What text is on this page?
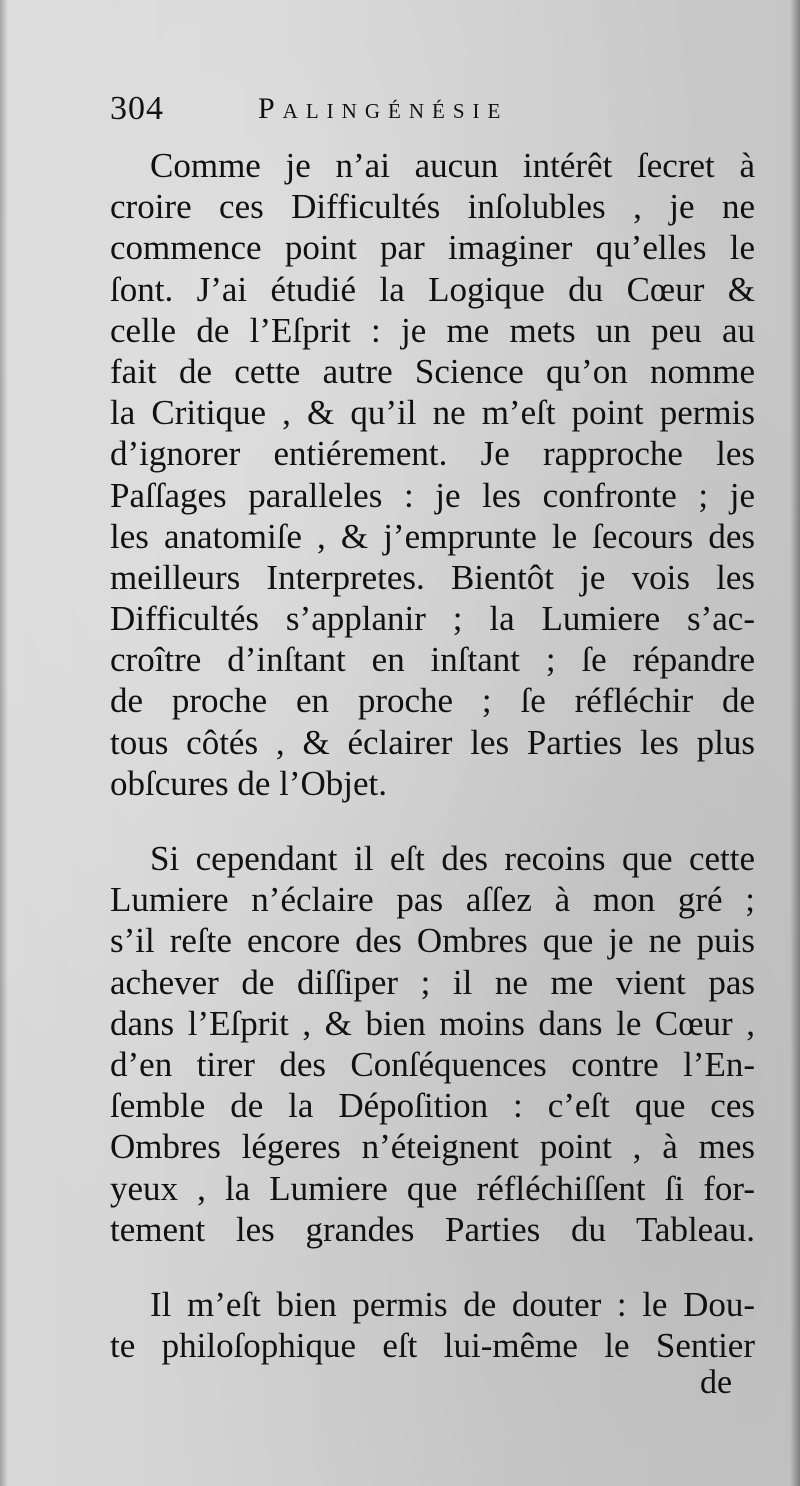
304	Palingénésie
Comme je n’ai aucun intérêt ſecret à
croire ces Difficultés inſolubles , je ne
commence point par imaginer qu’elles le
ſont. J’ai étudié la Logique du Cœur &
celle de l’Eſprit : je me mets un peu au
fait de cette autre Science qu’on nomme
la Critique , & qu’il ne m’eſt point permis
d’ignorer entiérement. Je rapproche les
Paſſages paralleles : je les confronte ; je
les anatomiſe , & j’emprunte le ſecours des
meilleurs Interpretes. Bientôt je vois les
Difficultés s’applanir ; la Lumiere s’ac-
croître d’inſtant en inſtant ; ſe répandre
de proche en proche ; ſe réfléchir de
tous côtés , & éclairer les Parties les plus
obſcures de l’Objet.
Si cependant il eſt des recoins que cette
Lumiere n’éclaire pas aſſez à mon gré ;
s’il reſte encore des Ombres que je ne puis
achever de diſſiper ; il ne me vient pas
dans l’Eſprit , & bien moins dans le Cœur ,
d’en tirer des Conſéquences contre l’En-
ſemble de la Dépoſition : c’eſt que ces
Ombres légeres n’éteignent point , à mes
yeux , la Lumiere que réfléchiſſent ſi for-
tement les grandes Parties du Tableau.
Il m’eſt bien permis de douter : le Dou-
te philoſophique eſt lui-même le Sentier
de
